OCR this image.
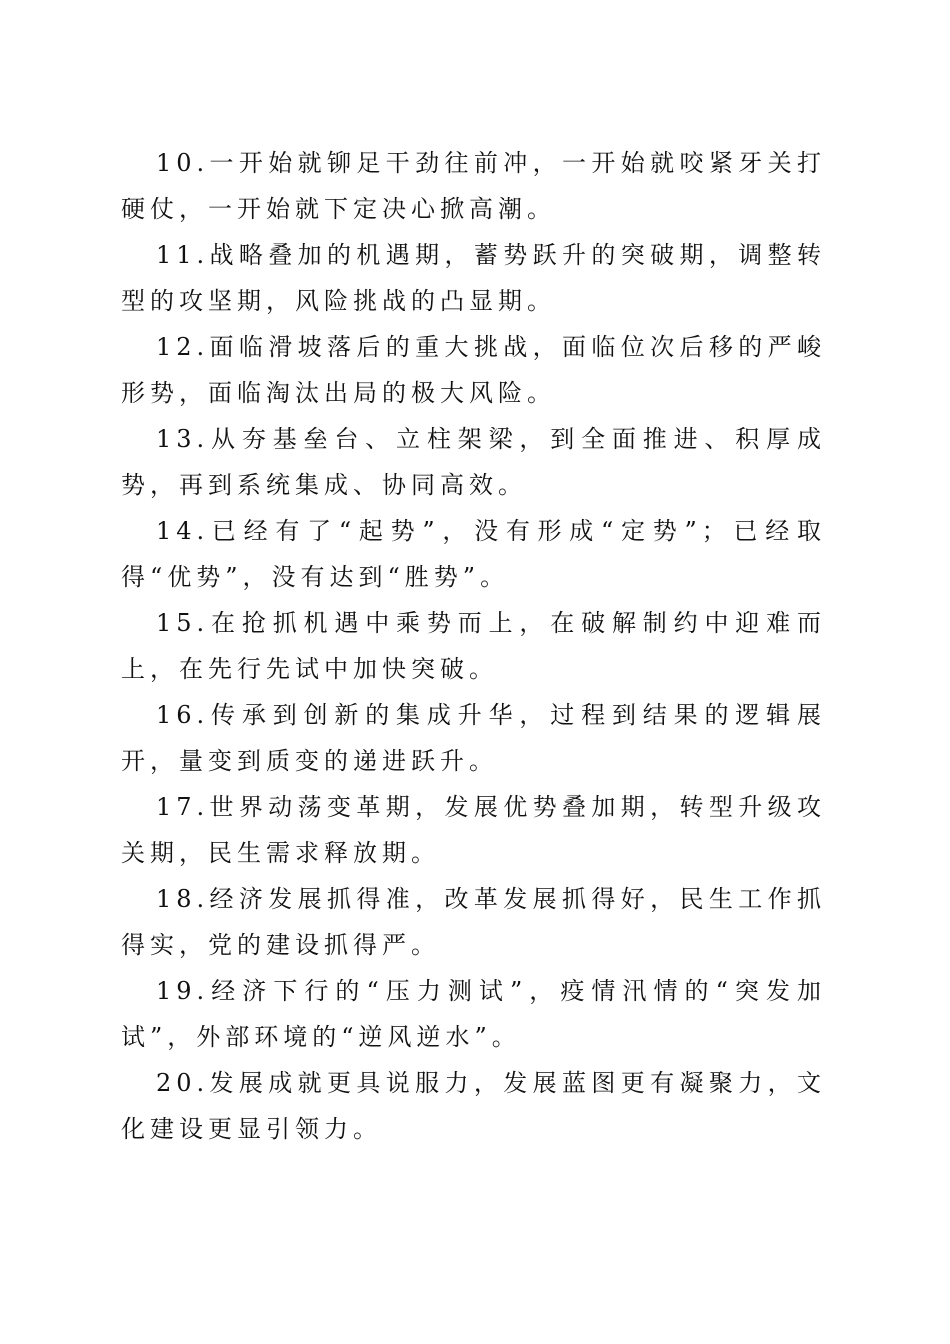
10.一开始就铆足干劲往前冲，一开始就咬紧牙关打硬仗，一开始就下定决心掀高潮。

11.战略叠加的机遇期，蓄势跃升的突破期，调整转型的攻坚期，风险挑战的凸显期。

12.面临滑坡落后的重大挑战，面临位次后移的严峻形势，面临淘汰出局的极大风险。

13.从夯基垒台、立柱架梁，到全面推进、积厚成势，再到系统集成、协同高效。

14.已经有了“起势”，没有形成“定势”；已经取得“优势”，没有达到“胜势”。

15.在抢抓机遇中乘势而上，在破解制约中迎难而上，在先行先试中加快突破。

16.传承到创新的集成升华，过程到结果的逻辑展开，量变到质变的递进跃升。

17.世界动荡变革期，发展优势叠加期，转型升级攻关期，民生需求释放期。

18.经济发展抓得准，改革发展抓得好，民生工作抓得实，党的建设抓得严。

19.经济下行的“压力测试”，疫情汛情的“突发加试”，外部环境的“逆风逆水”。

20.发展成就更具说服力，发展蓝图更有凝聚力，文化建设更显引领力。
